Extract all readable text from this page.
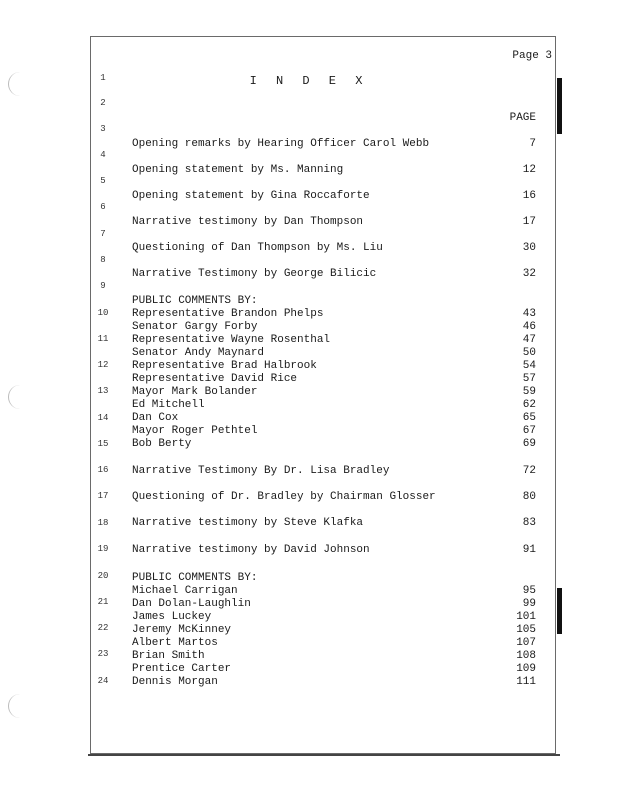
Page 3
I N D E X
PAGE
1
2
3
4
5
6
7
8
9
10
11
12
13
14
15
16
17
18
19
20
21
22
23
24
Opening remarks by Hearing Officer Carol Webb	7
Opening statement by Ms. Manning	12
Opening statement by Gina Roccaforte	16
Narrative testimony by Dan Thompson	17
Questioning of Dan Thompson by Ms. Liu	30
Narrative Testimony by George Bilicic	32
PUBLIC COMMENTS BY:
Representative Brandon Phelps	43
Senator Gargy Forby	46
Representative Wayne Rosenthal	47
Senator Andy Maynard	50
Representative Brad Halbrook	54
Representative David Rice	57
Mayor Mark Bolander	59
Ed Mitchell	62
Dan Cox	65
Mayor Roger Pethtel	67
Bob Berty	69
Narrative Testimony By Dr. Lisa Bradley	72
Questioning of Dr. Bradley by Chairman Glosser	80
Narrative testimony by Steve Klafka	83
Narrative testimony by David Johnson	91
PUBLIC COMMENTS BY:
Michael Carrigan	95
Dan Dolan-Laughlin	99
James Luckey	101
Jeremy McKinney	105
Albert Martos	107
Brian Smith	108
Prentice Carter	109
Dennis Morgan	111
